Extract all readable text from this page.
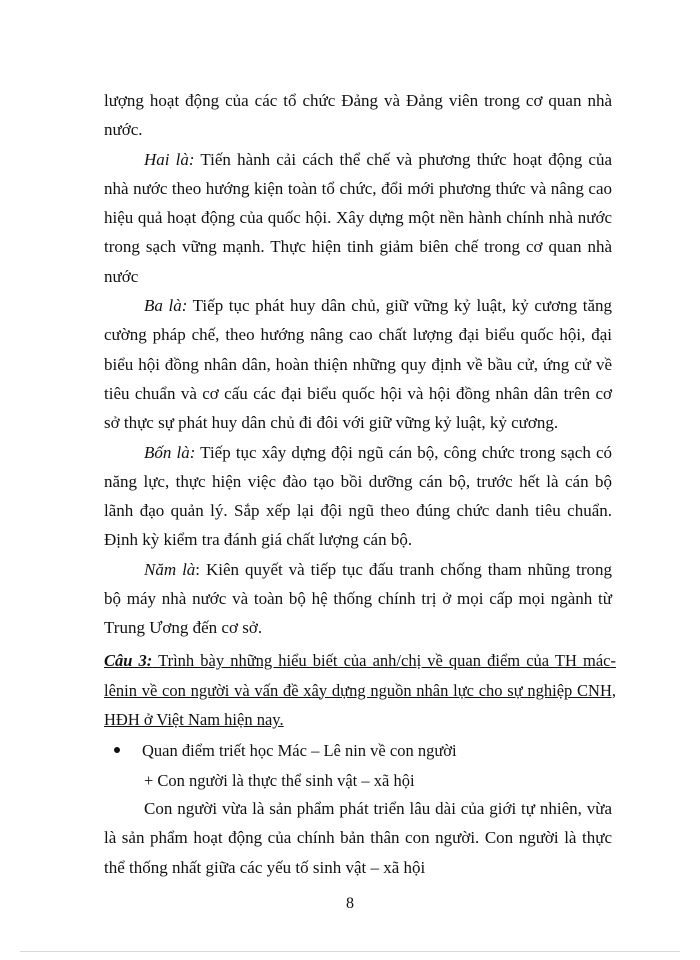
lượng hoạt động của các tổ chức Đảng và Đảng viên trong cơ quan nhà nước.

Hai là: Tiến hành cải cách thể chế và phương thức hoạt động của nhà nước theo hướng kiện toàn tổ chức, đổi mới phương thức và nâng cao hiệu quả hoạt động của quốc hội. Xây dựng một nền hành chính nhà nước trong sạch vững mạnh. Thực hiện tinh giảm biên chế trong cơ quan nhà nước

Ba là: Tiếp tục phát huy dân chủ, giữ vững kỷ luật, kỷ cương tăng cường pháp chế, theo hướng nâng cao chất lượng đại biểu quốc hội, đại biểu hội đồng nhân dân, hoàn thiện những quy định về bầu cử, ứng cử về tiêu chuẩn và cơ cấu các đại biểu quốc hội và hội đồng nhân dân trên cơ sở thực sự phát huy dân chủ đi đôi với giữ vững kỷ luật, kỷ cương.

Bốn là: Tiếp tục xây dựng đội ngũ cán bộ, công chức trong sạch có năng lực, thực hiện việc đào tạo bồi dưỡng cán bộ, trước hết là cán bộ lãnh đạo quản lý. Sắp xếp lại đội ngũ theo đúng chức danh tiêu chuẩn. Định kỳ kiểm tra đánh giá chất lượng cán bộ.

Năm là: Kiên quyết và tiếp tục đấu tranh chống tham nhũng trong bộ máy nhà nước và toàn bộ hệ thống chính trị ở mọi cấp mọi ngành từ Trung Ương đến cơ sở.

Câu 3: Trình bày những hiểu biết của anh/chị về quan điểm của TH mác-lênin về con người và vấn đề xây dựng nguồn nhân lực cho sự nghiệp CNH, HĐH ở Việt Nam hiện nay.

Quan điểm triết học Mác – Lê nin về con người
+ Con người là thực thể sinh vật – xã hội

Con người vừa là sản phẩm phát triển lâu dài của giới tự nhiên, vừa là sản phẩm hoạt động của chính bản thân con người. Con người là thực thể thống nhất giữa các yếu tố sinh vật – xã hội

8
